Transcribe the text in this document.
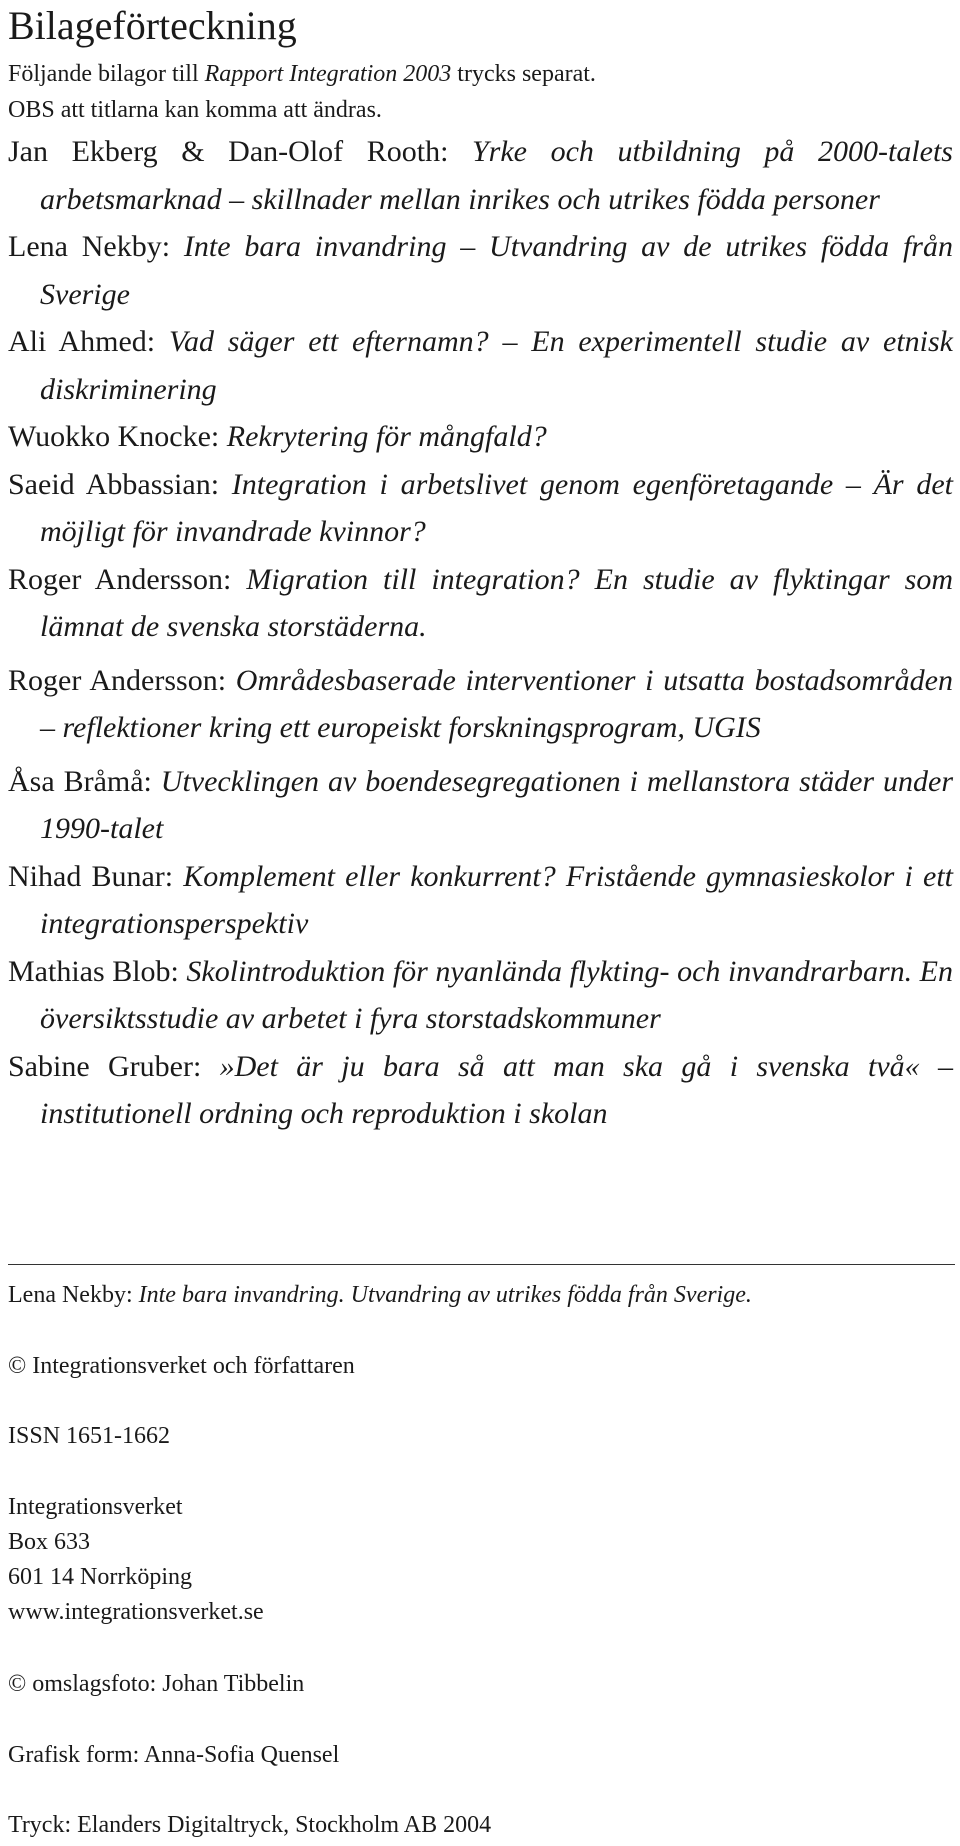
Bilageförteckning
Följande bilagor till Rapport Integration 2003 trycks separat.
OBS att titlarna kan komma att ändras.

Jan Ekberg & Dan-Olof Rooth: Yrke och utbildning på 2000-talets arbetsmarknad – skillnader mellan inrikes och utrikes födda personer

Lena Nekby: Inte bara invandring – Utvandring av de utrikes födda från Sverige

Ali Ahmed: Vad säger ett efternamn? – En experimentell studie av etnisk diskriminering

Wuokko Knocke: Rekrytering för mångfald?

Saeid Abbassian: Integration i arbetslivet genom egenföretagande – Är det möjligt för invandrade kvinnor?

Roger Andersson: Migration till integration? En studie av flyktingar som lämnat de svenska storstäderna.

Roger Andersson: Områdesbaserade interventioner i utsatta bostadsområden – reflektioner kring ett europeiskt forskningsprogram, UGIS

Åsa Bråmå: Utvecklingen av boendesegregationen i mellanstora städer under 1990-talet

Nihad Bunar: Komplement eller konkurrent? Fristående gymnasieskolor i ett integrationsperspektiv

Mathias Blob: Skolintroduktion för nyanlända flykting- och invandrarbarn. En översiktsstudie av arbetet i fyra storstadskommuner

Sabine Gruber: »Det är ju bara så att man ska gå i svenska två« – institutionell ordning och reproduktion i skolan

Lena Nekby: Inte bara invandring. Utvandring av utrikes födda från Sverige.
© Integrationsverket och författaren
ISSN 1651-1662
Integrationsverket
Box 633
601 14 Norrköping
www.integrationsverket.se
© omslagsfoto: Johan Tibbelin
Grafisk form: Anna-Sofia Quensel
Tryck: Elanders Digitaltryck, Stockholm AB 2004
